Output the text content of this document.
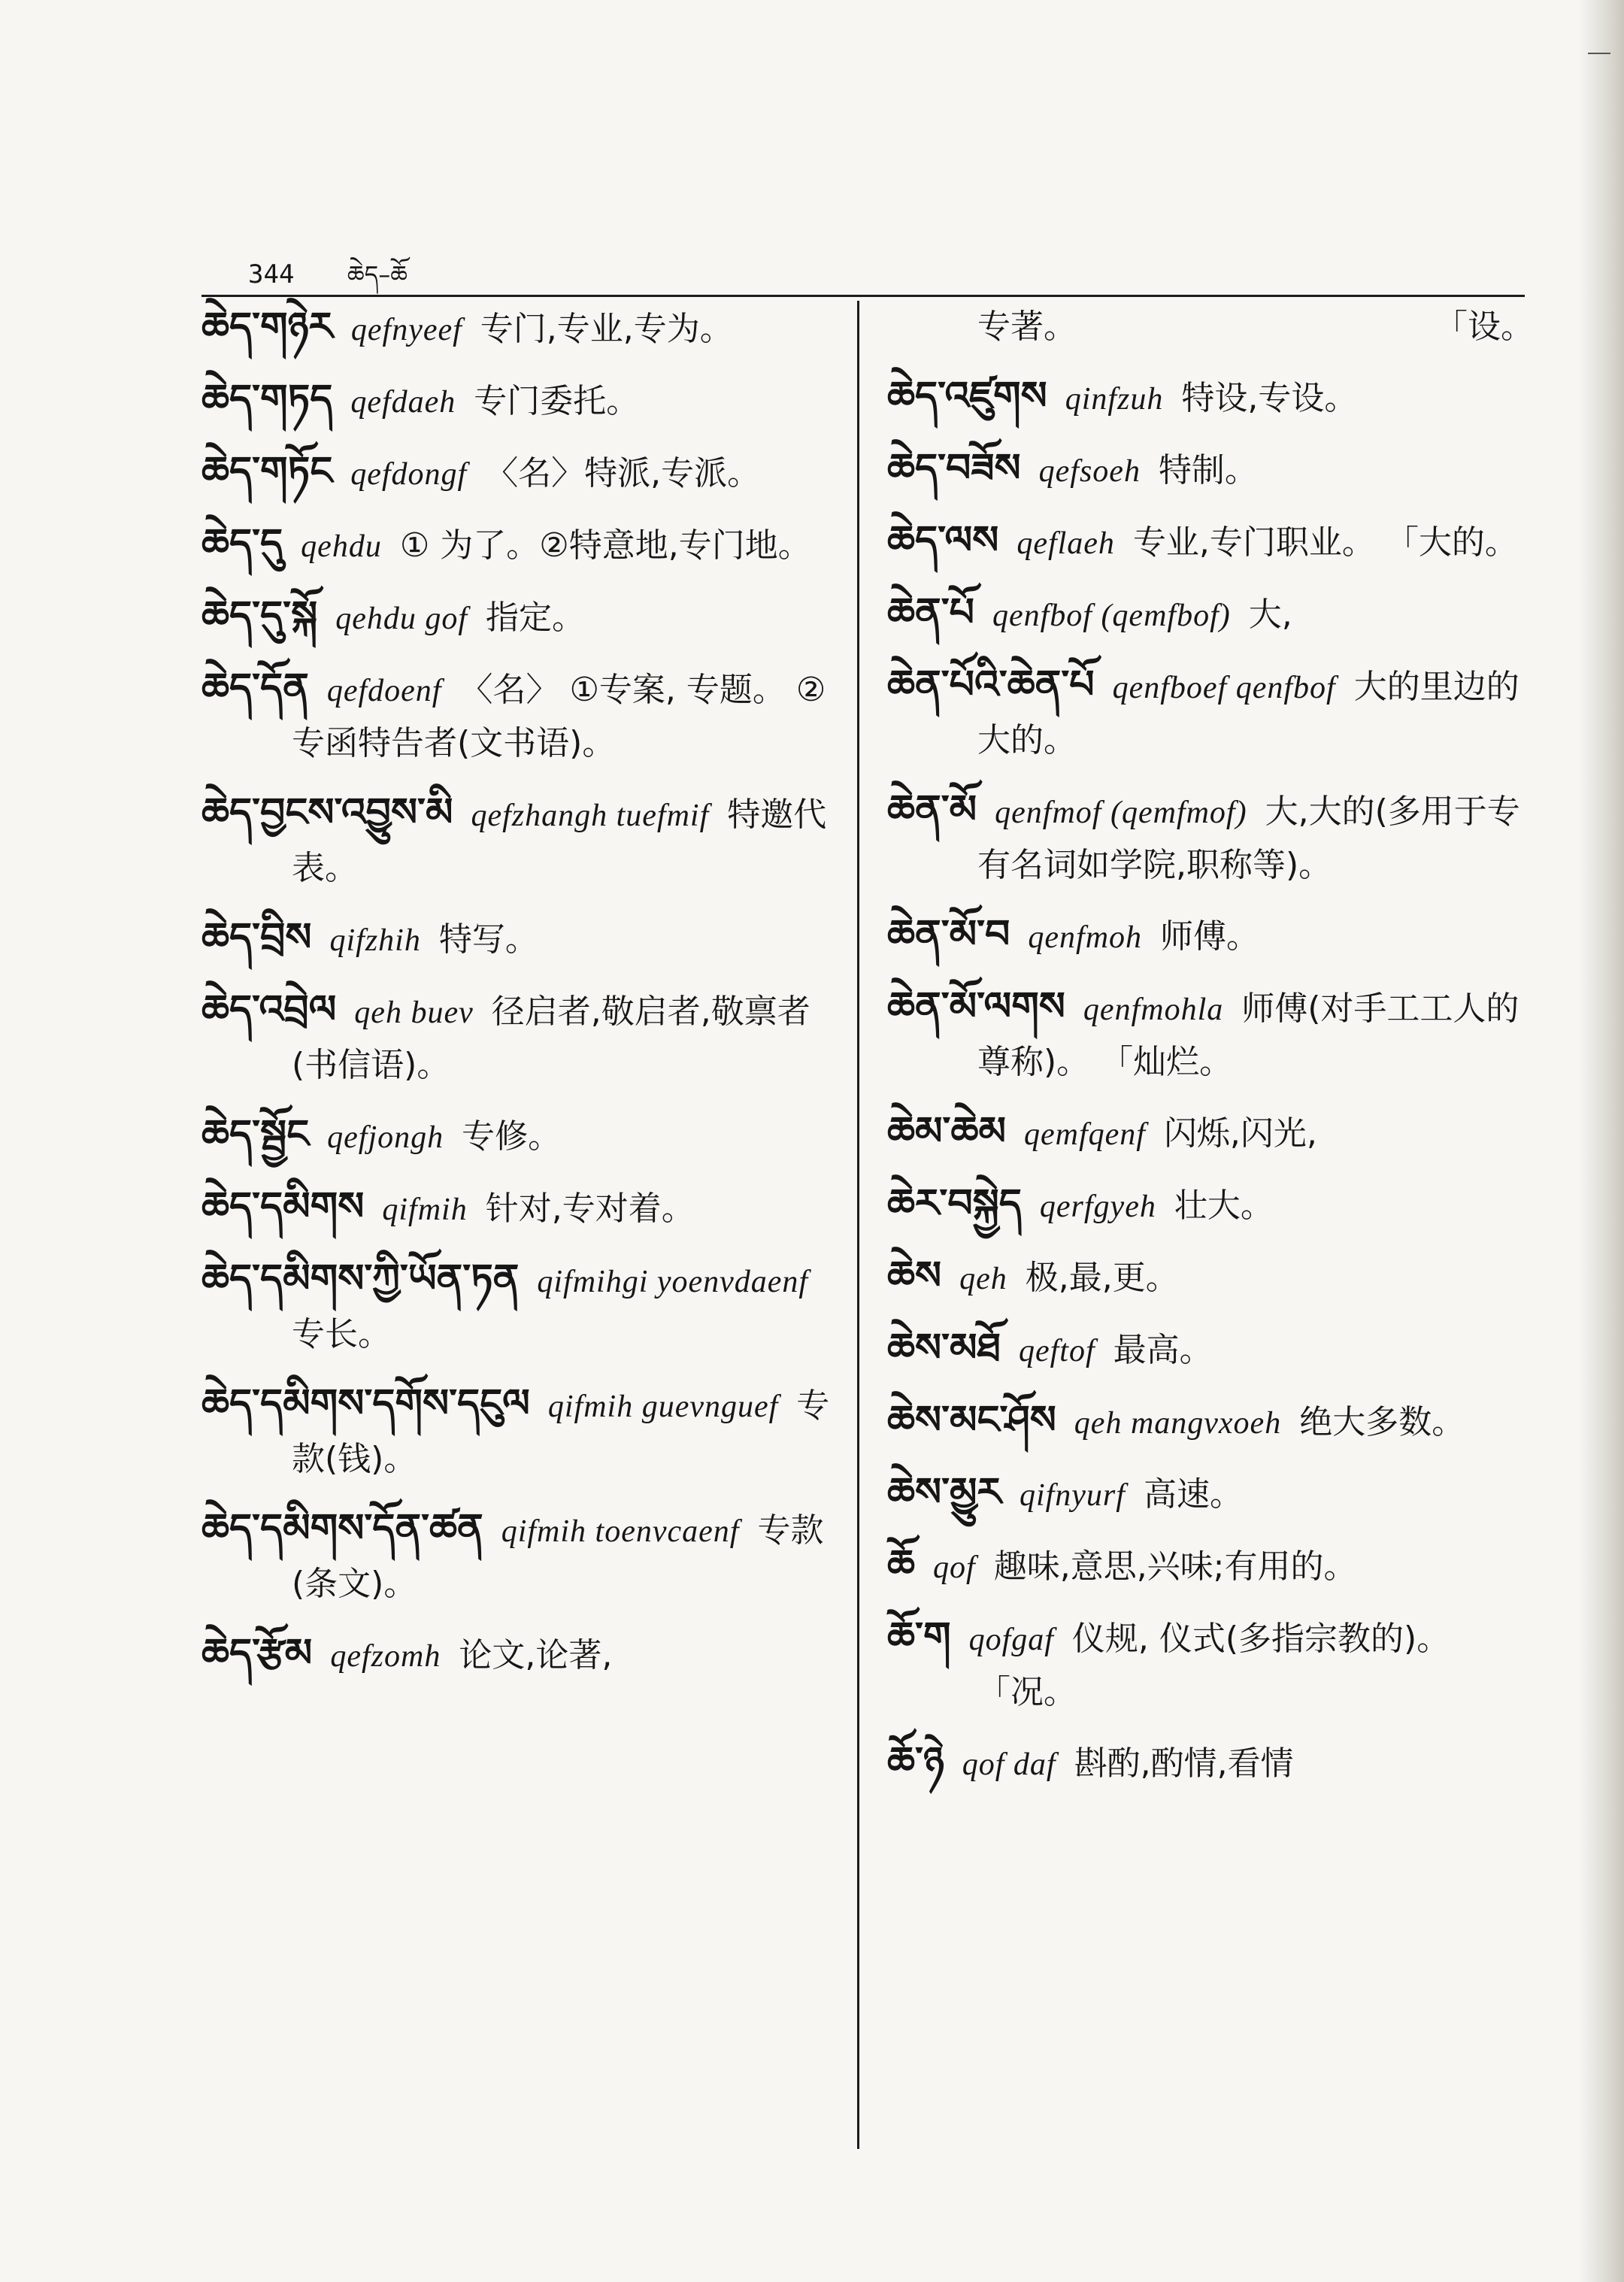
344 ཆེད–ཆོ
ཆེད་གཉེར qefnyeef 专门,专业,专为。
ཆེད་གཏད qefdaeh 专门委托。
ཆེད་གཏོང qefdongf 〈名〉特派,专派。
ཆེད་དུ qehdu ① 为了。②特意地,专门地。
ཆེད་དུ་སྐོ qehdu gof 指定。
ཆེད་དོན qefdoenf 〈名〉 ①专案, 专题。 ②专函特告者(文书语)。
ཆེད་བྱངས་འབྱུས་མི qefzhangh tuefmif 特邀代表。
ཆེད་བྲིས qifzhih 特写。
ཆེད་འབྲེལ qeh buev 径启者,敬启者,敬禀者(书信语)。
ཆེད་སྦྱོང qefjongh 专修。
ཆེད་དམིགས qifmih 针对,专对着。
ཆེད་དམིགས་ཀྱི་ཡོན་ཏན qifmihgi yoenvdaenf专长。
ཆེད་དམིགས་དགོས་དངུལ qifmih guevnguef 专款(钱)。
ཆེད་དམིགས་དོན་ཚན qifmih toenvcaenf 专款(条文)。
ཆེད་རྩོམ qefzomh 论文,论著,
专著。	「设。
ཆེད་འཛུགས qinfzuh 特设,专设。
ཆེད་བཟོས qefsoeh 特制。
ཆེད་ལས qeflaeh 专业,专门职业。 「大的。
ཆེན་པོ qenfbof (qemfbof) 大,
ཆེན་པོའི་ཆེན་པོ qenfboef qenfbof 大的里边的大的。
ཆེན་མོ qenfmof (qemfmof) 大,大的(多用于专有名词如学院,职称等)。
ཆེན་མོ་བ qenfmoh 师傅。
ཆེན་མོ་ལགས qenfmohla 师傅(对手工工人的尊称)。 「灿烂。
ཆེམ་ཆེམ qemfqenf 闪烁,闪光,
ཆེར་བསྐྱེད qerfgyeh 壮大。
ཆེས qeh 极,最,更。
ཆེས་མཐོ qeftof 最高。
ཆེས་མང་ཤོས qeh mangvxoeh 绝大多数。
ཆེས་མྱུར qifnyurf 高速。
ཆོ qof 趣味,意思,兴味;有用的。
ཆོ་ག qofgaf 仪规, 仪式(多指宗教的)。 「况。
ཆོ་ཉེ qof daf 斟酌,酌情,看情
